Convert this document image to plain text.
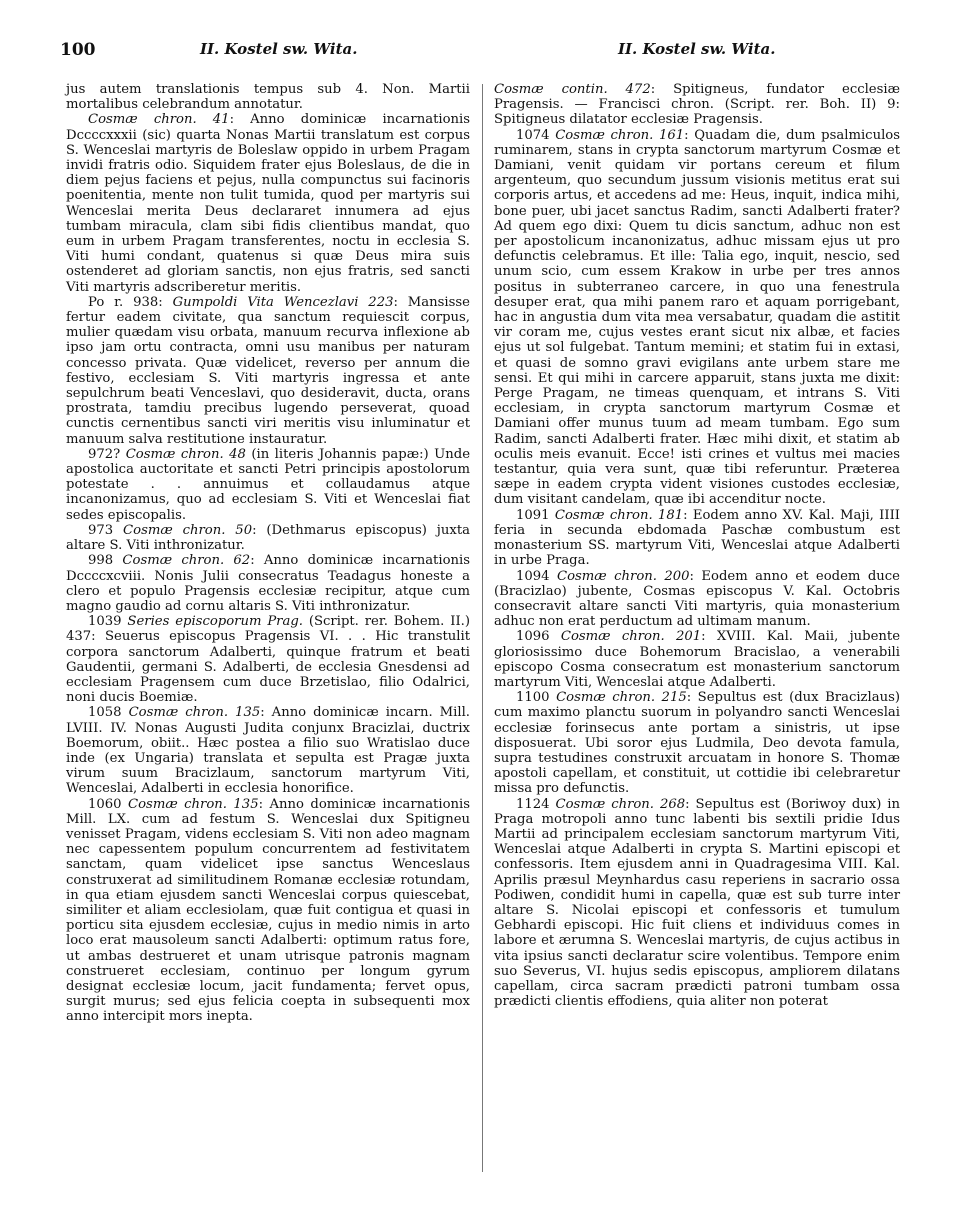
100	II. Kostel sw. Wita.	II. Kostel sw. Wita.

jus autem translationis tempus sub 4. Non. Martii mortalibus celebrandum annotatur.

Cosmæ chron. 41: Anno dominicæ incarnationis Dccccxxxii (sic) quarta Nonas Martii translatum est corpus S. Wenceslai martyris de Boleslaw oppido in urbem Pragam invidi fratris odio. Siquidem frater ejus Boleslaus, de die in diem pejus faciens et pejus, nulla compunctus sui facinoris poenitentia, mente non tulit tumida, quod per martyris sui Wenceslai merita Deus declararet innumera ad ejus tumbam miracula, clam sibi fidis clientibus mandat, quo eum in urbem Pragam transferentes, noctu in ecclesia S. Viti humi condant, quatenus si quæ Deus mira suis ostenderet ad gloriam sanctis, non ejus fratris, sed sancti Viti martyris adscriberetur meritis.

Po r. 938: Gumpoldi Vita Wencezlavi 223: Mansisse fertur eadem civitate, qua sanctum requiescit corpus, mulier quædam visu orbata, manuum recurva inflexione ab ipso jam ortu contracta, omni usu manibus per naturam concesso privata. Quæ videlicet, reverso per annum die festivo, ecclesiam S. Viti martyris ingressa et ante sepulchrum beati Venceslavi, quo desideravit, ducta, orans prostrata, tamdiu precibus lugendo perseverat, quoad cunctis cernentibus sancti viri meritis visu inluminatur et manuum salva restitutione instauratur.

972? Cosmæ chron. 48 (in literis Johannis papæ:) Unde apostolica auctoritate et sancti Petri principis apostolorum potestate . . annuimus et collaudamus atque incanonizamus, quo ad ecclesiam S. Viti et Wenceslai fiat sedes episcopalis.

973 Cosmæ chron. 50: (Dethmarus episcopus) juxta altare S. Viti inthronizatur.

998 Cosmæ chron. 62: Anno dominicæ incarnationis Dccccxcviii. Nonis Julii consecratus Teadagus honeste a clero et populo Pragensis ecclesiæ recipitur, atque cum magno gaudio ad cornu altaris S. Viti inthronizatur.

1039 Series episcoporum Prag. (Script. rer. Bohem. II.) 437: Seuerus episcopus Pragensis VI. . . Hic transtulit corpora sanctorum Adalberti, quinque fratrum et beati Gaudentii, germani S. Adalberti, de ecclesia Gnesdensi ad ecclesiam Pragensem cum duce Brzetislao, filio Odalrici, noni ducis Boemiæ.

1058 Cosmæ chron. 135: Anno dominicæ incarn. Mill. LVIII. IV. Nonas Augusti Judita conjunx Bracizlai, ductrix Boemorum, obiit.. Hæc postea a filio suo Wratislao duce inde (ex Ungaria) translata et sepulta est Pragæ juxta virum suum Bracizlaum, sanctorum martyrum Viti, Wenceslai, Adalberti in ecclesia honorifice.

1060 Cosmæ chron. 135: Anno dominicæ incarnationis Mill. LX. cum ad festum S. Wenceslai dux Spitigneu venisset Pragam, videns ecclesiam S. Viti non adeo magnam nec capessentem populum concurrentem ad festivitatem sanctam, quam videlicet ipse sanctus Wenceslaus construxerat ad similitudinem Romanæ ecclesiæ rotundam, in qua etiam ejusdem sancti Wenceslai corpus quiescebat, similiter et aliam ecclesiolam, quæ fuit contigua et quasi in porticu sita ejusdem ecclesiæ, cujus in medio nimis in arto loco erat mausoleum sancti Adalberti: optimum ratus fore, ut ambas destrueret et unam utrisque patronis magnam construeret ecclesiam, continuo per longum gyrum designat ecclesiæ locum, jacit fundamenta; fervet opus, surgit murus; sed ejus felicia coepta in subsequenti mox anno intercipit mors inepta.

Cosmæ contin. 472: Spitigneus, fundator ecclesiæ Pragensis. — Francisci chron. (Script. rer. Boh. II) 9: Spitigneus dilatator ecclesiæ Pragensis.

1074 Cosmæ chron. 161: Quadam die, dum psalmiculos ruminarem, stans in crypta sanctorum martyrum Cosmæ et Damiani, venit quidam vir portans cereum et filum argenteum, quo secundum jussum visionis metitus erat sui corporis artus, et accedens ad me: Heus, inquit, indica mihi, bone puer, ubi jacet sanctus Radim, sancti Adalberti frater? Ad quem ego dixi: Quem tu dicis sanctum, adhuc non est per apostolicum incanonizatus, adhuc missam ejus ut pro defunctis celebramus. Et ille: Talia ego, inquit, nescio, sed unum scio, cum essem Krakow in urbe per tres annos positus in subterraneo carcere, in quo una fenestrula desuper erat, qua mihi panem raro et aquam porrigebant, hac in angustia dum vita mea versabatur, quadam die astitit vir coram me, cujus vestes erant sicut nix albæ, et facies ejus ut sol fulgebat. Tantum memini; et statim fui in extasi, et quasi de somno gravi evigilans ante urbem stare me sensi. Et qui mihi in carcere apparuit, stans juxta me dixit: Perge Pragam, ne timeas quenquam, et intrans S. Viti ecclesiam, in crypta sanctorum martyrum Cosmæ et Damiani offer munus tuum ad meam tumbam. Ego sum Radim, sancti Adalberti frater. Hæc mihi dixit, et statim ab oculis meis evanuit. Ecce! isti crines et vultus mei macies testantur, quia vera sunt, quæ tibi referuntur. Præterea sæpe in eadem crypta vident visiones custodes ecclesiæ, dum visitant candelam, quæ ibi accenditur nocte.

1091 Cosmæ chron. 181: Eodem anno XV. Kal. Maji, IIII feria in secunda ebdomada Paschæ combustum est monasterium SS. martyrum Viti, Wenceslai atque Adalberti in urbe Praga.

1094 Cosmæ chron. 200: Eodem anno et eodem duce (Bracizlao) jubente, Cosmas episcopus V. Kal. Octobris consecravit altare sancti Viti martyris, quia monasterium adhuc non erat perductum ad ultimam manum.

1096 Cosmæ chron. 201: XVIII. Kal. Maii, jubente gloriosissimo duce Bohemorum Bracislao, a venerabili episcopo Cosma consecratum est monasterium sanctorum martyrum Viti, Wenceslai atque Adalberti.

1100 Cosmæ chron. 215: Sepultus est (dux Bracizlaus) cum maximo planctu suorum in polyandro sancti Wenceslai ecclesiæ forinsecus ante portam a sinistris, ut ipse disposuerat. Ubi soror ejus Ludmila, Deo devota famula, supra testudines construxit arcuatam in honore S. Thomæ apostoli capellam, et constituit, ut cottidie ibi celebraretur missa pro defunctis.

1124 Cosmæ chron. 268: Sepultus est (Boriwoy dux) in Praga motropoli anno tunc labenti bis sextili pridie Idus Martii ad principalem ecclesiam sanctorum martyrum Viti, Wenceslai atque Adalberti in crypta S. Martini episcopi et confessoris. Item ejusdem anni in Quadragesima VIII. Kal. Aprilis præsul Meynhardus casu reperiens in sacrario ossa Podiwen, condidit humi in capella, quæ est sub turre inter altare S. Nicolai episcopi et confessoris et tumulum Gebhardi episcopi. Hic fuit cliens et individuus comes in labore et ærumna S. Wenceslai martyris, de cujus actibus in vita ipsius sancti declaratur scire volentibus. Tempore enim suo Severus, VI. hujus sedis episcopus, ampliorem dilatans capellam, circa sacram prædicti patroni tumbam ossa prædicti clientis effodiens, quia aliter non poterat
